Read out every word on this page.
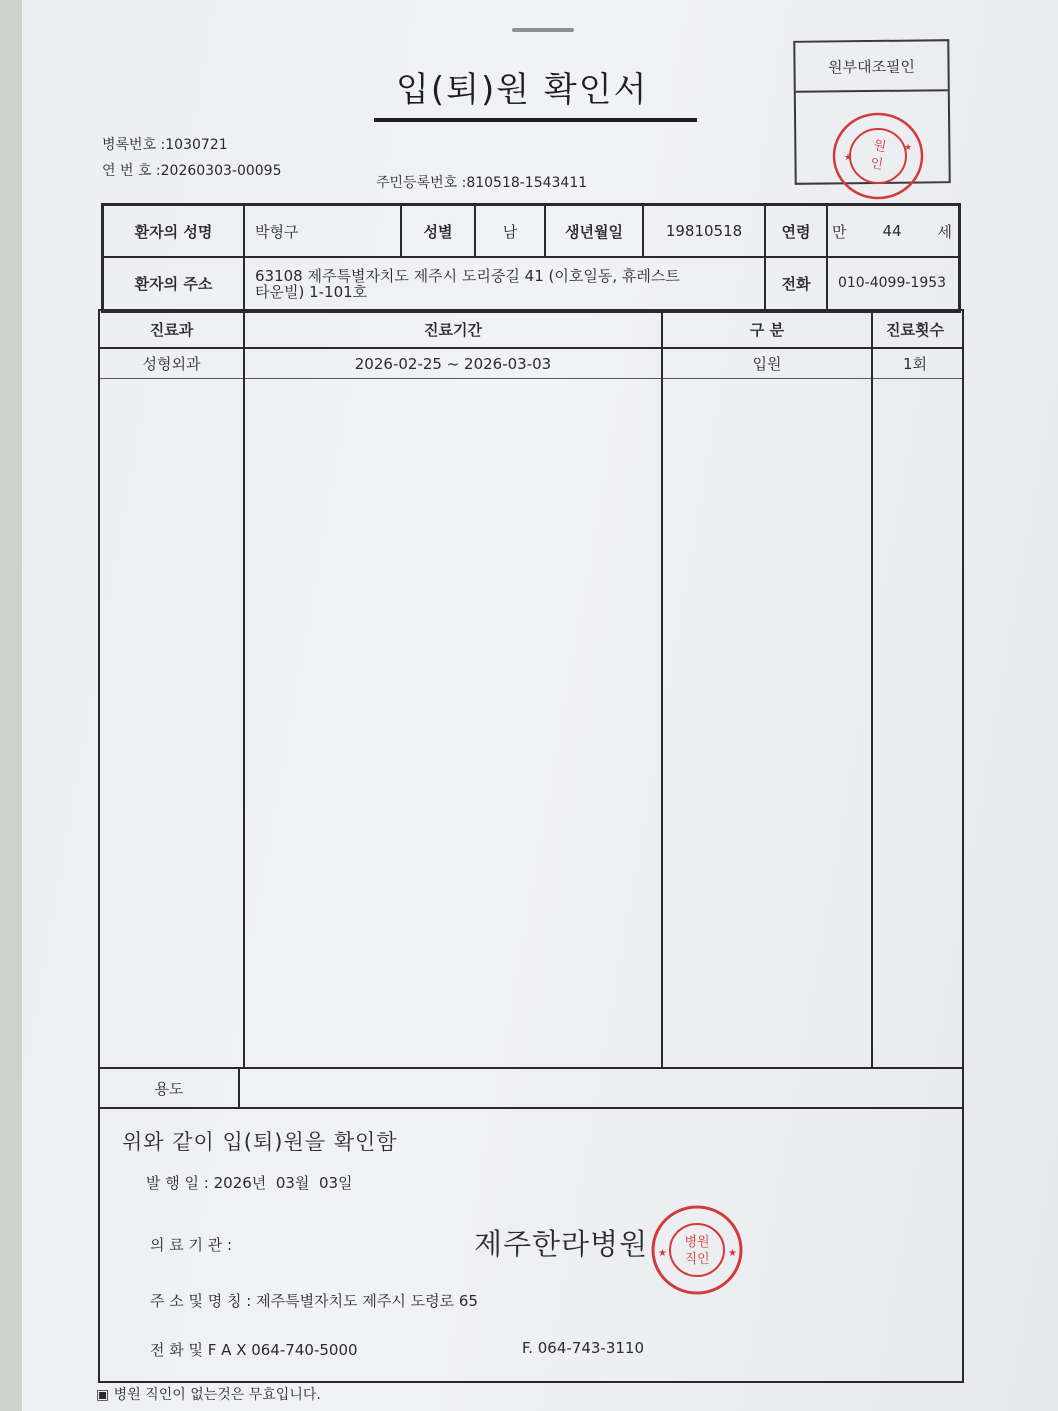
입(퇴)원 확인서
원부대조필인
원
인
★
★
병록번호 :1030721
연 번 호 :20260303-00095
주민등록번호 :810518-1543411
환자의 성명	박형구	성별	남	생년월일	19810518	연령	만 44 세
환자의 주소	63108 제주특별자치도 제주시 도리중길 41 (이호일동, 휴레스트
타운빌) 1-101호	전화	010-4099-1953
진료과	진료기간	구 분	진료횟수
성형외과	2026-02-25 ~ 2026-03-03	입원	1회
용도
위와 같이 입(퇴)원을 확인함
발 행 일 : 2026년  03월  03일
의 료 기 관 :	제주한라병원	병원
직인
★	★
주 소 및 명 칭 : 제주특별자치도 제주시 도령로 65
전 화 및 F A X 064-740-5000	F. 064-743-3110
▣ 병원 직인이 없는것은 무효입니다.
